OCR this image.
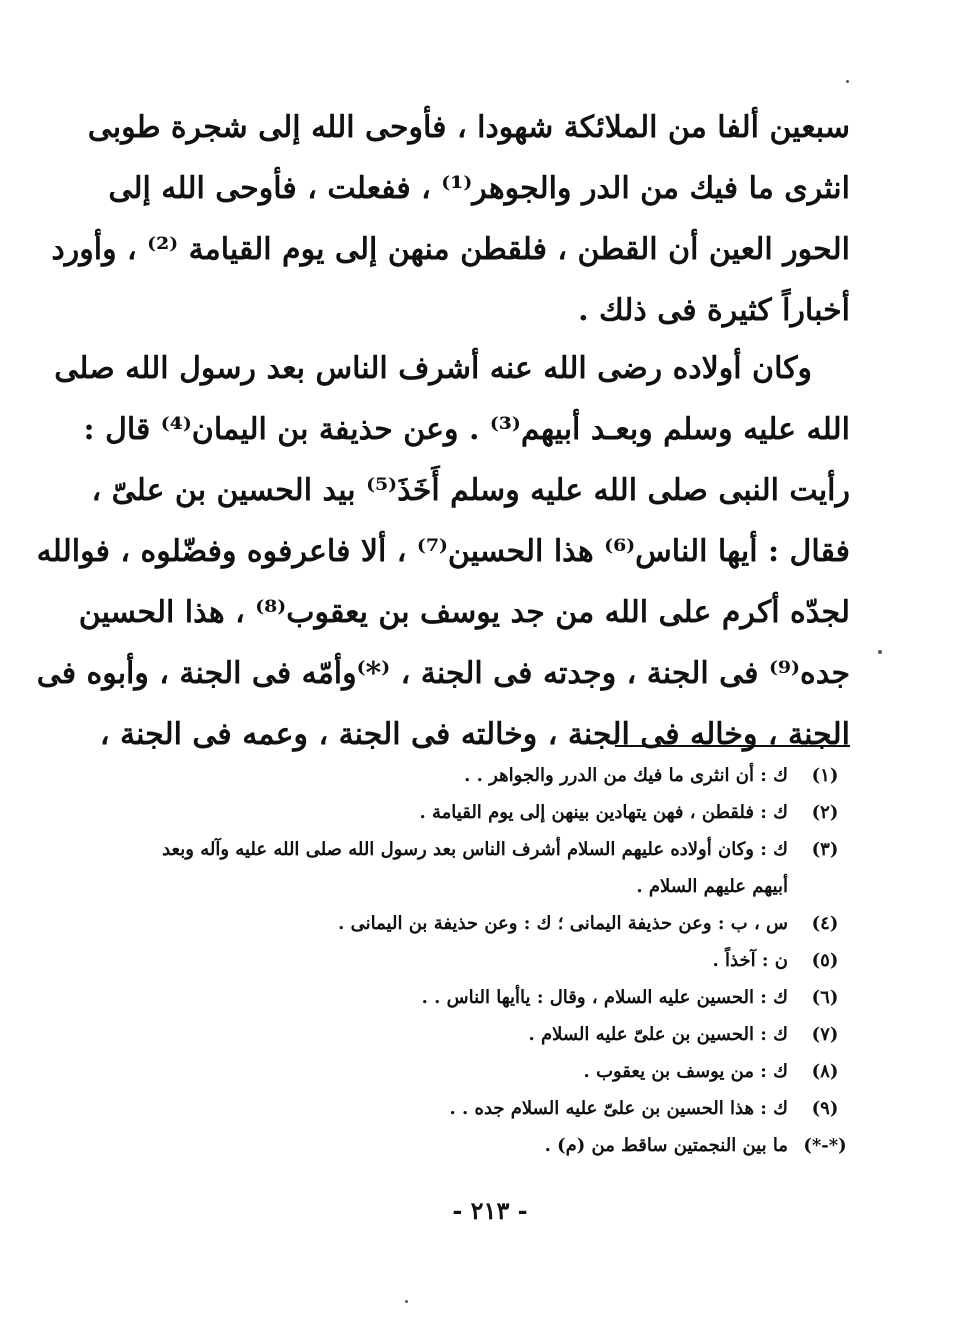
سبعين ألفا من الملائكة شهودا ، فأوحى الله إلى شجرة طوبى
انثرى ما فيك من الدر والجوهر⁽¹⁾ ، ففعلت ، فأوحى الله إلى
الحور العين أن القطن ، فلقطن منهن إلى يوم القيامة ⁽²⁾ ، وأورد
أخباراً كثيرة فى ذلك .
وكان أولاده رضى الله عنه أشرف الناس بعد رسول الله صلى
الله عليه وسلم وبعـد أبيهم⁽³⁾ . وعن حذيفة بن اليمان⁽⁴⁾ قال :
رأيت النبى صلى الله عليه وسلم أَخَذَ⁽⁵⁾ بيد الحسين بن علىّ ،
فقال : أيها الناس⁽⁶⁾ هذا الحسين⁽⁷⁾ ، ألا فاعرفوه وفضّلوه ، فوالله
لجدّه أكرم على الله من جد يوسف بن يعقوب⁽⁸⁾ ، هذا الحسين
جده⁽⁹⁾ فى الجنة ، وجدته فى الجنة ، ⁽*⁾وأمّه فى الجنة ، وأبوه فى
الجنة ، وخاله فى الجنة ، وخالته فى الجنة ، وعمه فى الجنة ،
(١)
ك : أن انثرى ما فيك من الدرر والجواهر . .
(٢)
ك : فلقطن ، فهن يتهادين بينهن إلى يوم القيامة .
(٣)
ك : وكان أولاده عليهم السلام أشرف الناس بعد رسول الله صلى الله عليه وآله وبعد أبيهم عليهم السلام .
(٤)
س ، ب : وعن حذيفة اليمانى ؛ ك : وعن حذيفة بن اليمانى .
(٥)
ن : آخذاً .
(٦)
ك : الحسين عليه السلام ، وقال : ياأيها الناس . .
(٧)
ك : الحسين بن علىّ عليه السلام .
(٨)
ك : من يوسف بن يعقوب .
(٩)
ك : هذا الحسين بن علىّ عليه السلام جده . .
(*-*)
ما بين النجمتين ساقط من (م) .
- ٢١٣ -
